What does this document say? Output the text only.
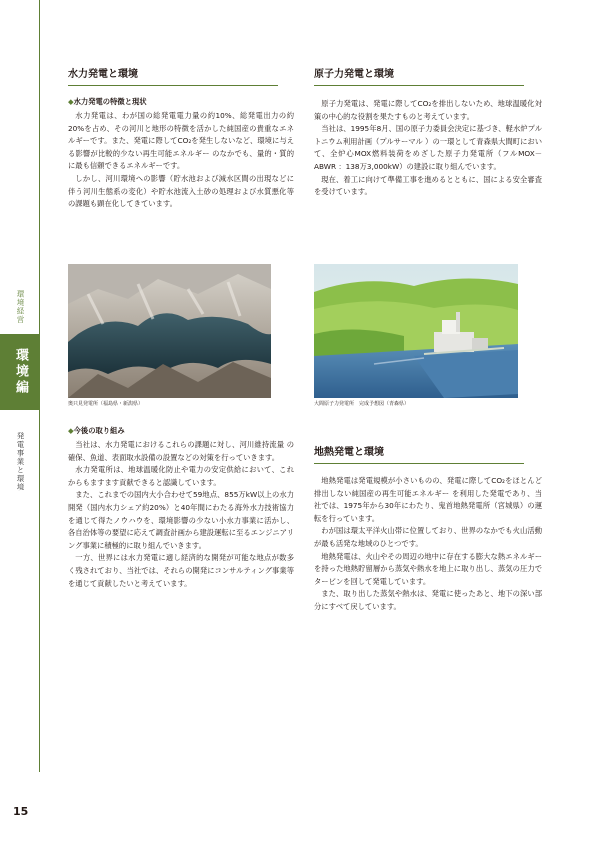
環境経営
環境編
発電事業と環境
15
水力発電と環境
◆水力発電の特徴と現状

水力発電は、わが国の総発電電力量の約10%、総発電出力の約20%を占め、その河川と地形の特徴を活かした純国産の貴重なエネルギーです。また、発電に際してCO₂を発生しないなど、環境に与える影響が比較的少ない再生可能エネルギー のなかでも、量的・質的に最も信頼できるエネルギーです。

しかし、河川環境への影響（貯水池および減水区間の出現などに伴う河川生態系の変化）や貯水池流入土砂の処理および水質悪化等の課題も顕在化してきています。

奥只見発電所（福島県・新潟県）
◆今後の取り組み

当社は、水力発電におけるこれらの課題に対し、河川維持流量 の確保、魚道、表面取水設備の設置などの対策を行っていきます。

水力発電所は、地球温暖化防止や電力の安定供給において、これからもますます貢献できると認識しています。

また、これまでの国内大小合わせて59地点、855万kW以上の水力開発（国内水力シェア約20%）と40年間にわたる海外水力技術協力を通じて得たノウハウを、環境影響の少ない小水力事業に活かし、各自治体等の要望に応えて調査計画から建設運転に至るエンジニアリング事業に積極的に取り組んでいきます。

一方、世界には水力発電に適し経済的な開発が可能な地点が数多く残されており、当社では、それらの開発にコンサルティング事業等を通じて貢献したいと考えています。

原子力発電と環境

原子力発電は、発電に際してCO₂を排出しないため、地球温暖化対策の中心的な役割を果たすものと考えています。

当社は、1995年8月、国の原子力委員会決定に基づき、軽水炉プルトニウム利用計画（プルサーマル ）の一環として青森県大間町において、全炉心MOX燃料装荷をめざした原子力発電所（フルMOX－ABWR ：138万3,000kW）の建設に取り組んでいます。

現在、着工に向けて準備工事を進めるとともに、国による安全審査を受けています。

大間原子力発電所　完成予想図（青森県）
地熱発電と環境

地熱発電は発電規模が小さいものの、発電に際してCO₂をほとんど排出しない純国産の再生可能エネルギー を利用した発電であり、当社では、1975年から30年にわたり、鬼首地熱発電所（宮城県）の運転を行っています。

わが国は環太平洋火山帯に位置しており、世界のなかでも火山活動が最も活発な地域のひとつです。

地熱発電は、火山やその周辺の地中に存在する膨大な熱エネルギーを持った地熱貯留層から蒸気や熱水を地上に取り出し、蒸気の圧力でタービンを回して発電しています。

また、取り出した蒸気や熱水は、発電に使ったあと、地下の深い部分にすべて戻しています。
